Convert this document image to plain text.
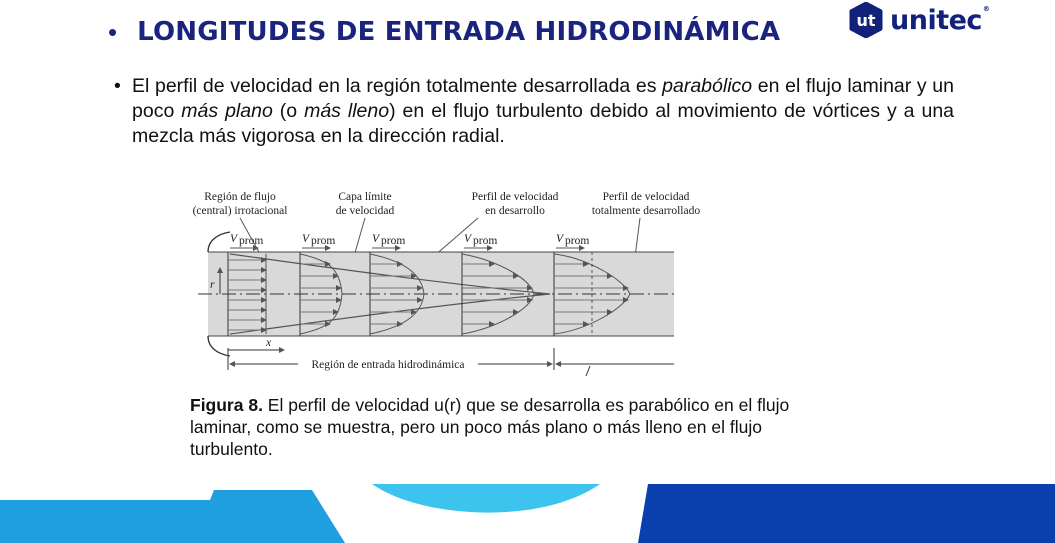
• LONGITUDES DE ENTRADA HIDRODINÁMICA	ut unitec®
• El perfil de velocidad en la región totalmente desarrollada es parabólico en el flujo laminar y un poco más plano (o más lleno) en el flujo turbulento debido al movimiento de vórtices y a una mezcla más vigorosa en la dirección radial.
Región de flujo
(central) irrotacional
Capa límite
de velocidad
Perfil de velocidad
en desarrollo
Perfil de velocidad
totalmente desarrollado
V prom	V prom	V prom	V prom	V prom
r
x
Región de entrada hidrodinámica
Figura 8. El perfil de velocidad u(r) que se desarrolla es parabólico en el flujo laminar, como se muestra, pero un poco más plano o más lleno en el flujo turbulento.
